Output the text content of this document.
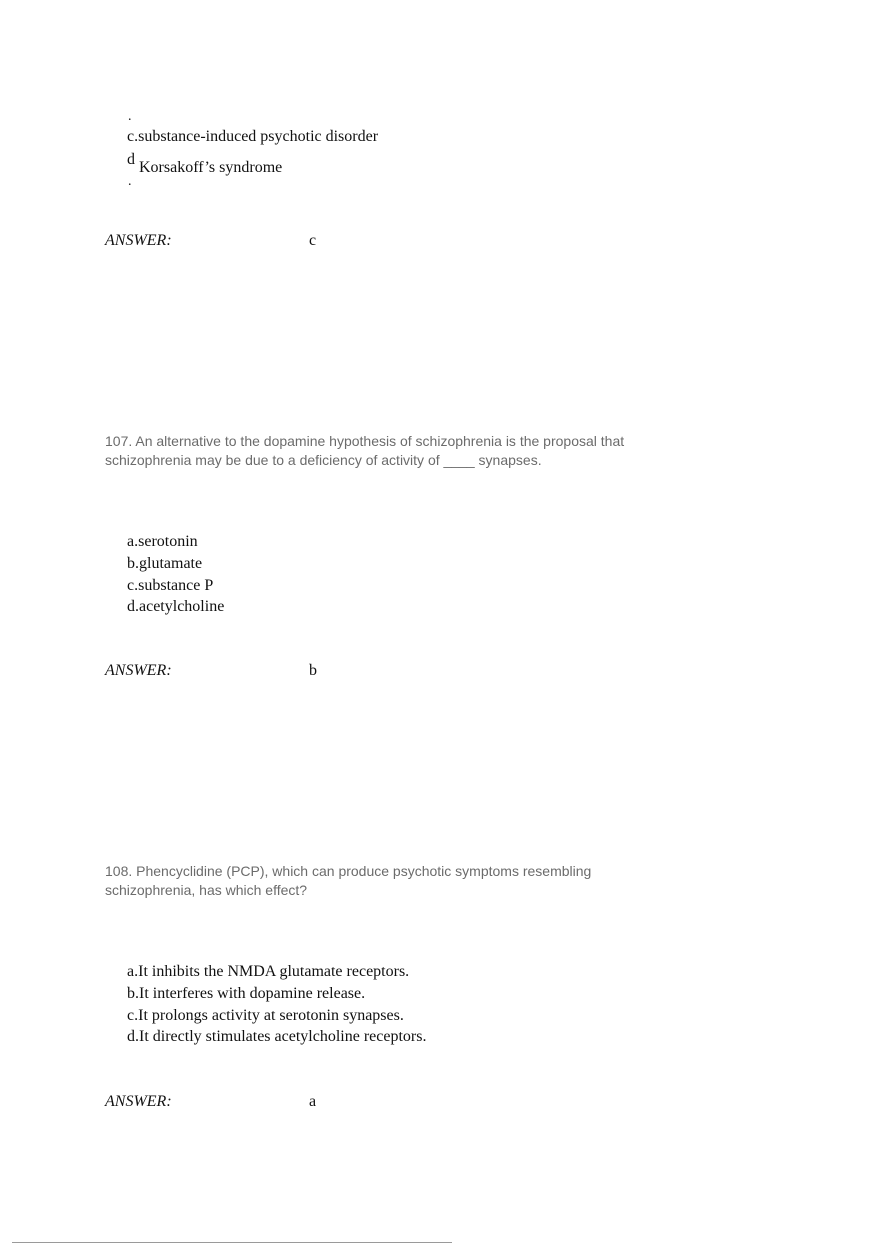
.
c.substance-induced psychotic disorder
d Korsakoff’s syndrome
.
ANSWER:	c
107. An alternative to the dopamine hypothesis of schizophrenia is the proposal that
schizophrenia may be due to a deficiency of activity of ____ synapses.
a.serotonin
b.glutamate
c.substance P
d.acetylcholine
ANSWER:	b
108. Phencyclidine (PCP), which can produce psychotic symptoms resembling
schizophrenia, has which effect?
a.It inhibits the NMDA glutamate receptors.
b.It interferes with dopamine release.
c.It prolongs activity at serotonin synapses.
d.It directly stimulates acetylcholine receptors.
ANSWER:	a
